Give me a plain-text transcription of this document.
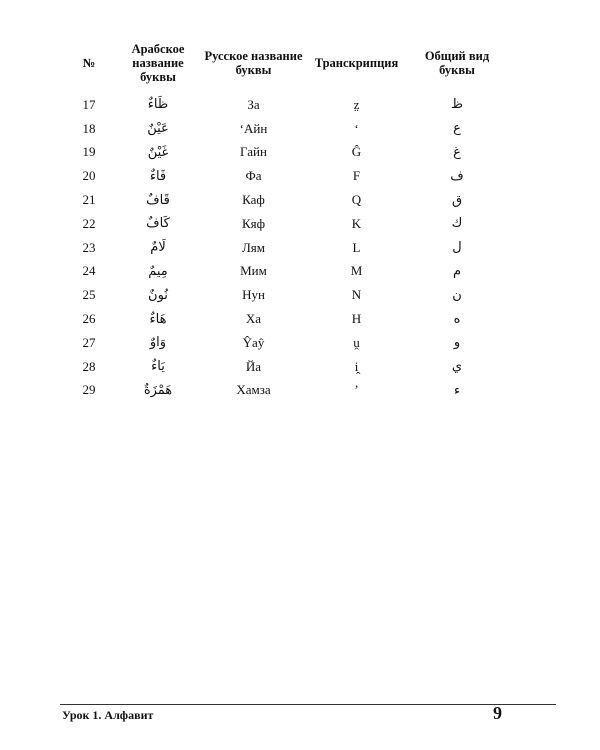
№	Арабское название буквы	Русское название буквы	Транскрипция	Общий вид буквы
17	ظَاءٌ	За	z̤	ظ
18	عَيْنٌ	‘Айн	‘	ع
19	غَيْنٌ	Гайн	Ĝ	غ
20	فَاءٌ	Фа	F	ف
21	قَافٌ	Каф	Q	ق
22	كَافٌ	Кяф	K	ك
23	لَامٌ	Лям	L	ل
24	مِيمٌ	Мим	M	م
25	نُونٌ	Нун	N	ن
26	هَاءٌ	Ха	H	ه
27	وَاوٌ	Ŷaŷ	ṷ	و
28	يَاءٌ	Йа	i̭	ي
29	هَمْزَةٌ	Хамза	’	ء
Урок 1. Алфавит	9
